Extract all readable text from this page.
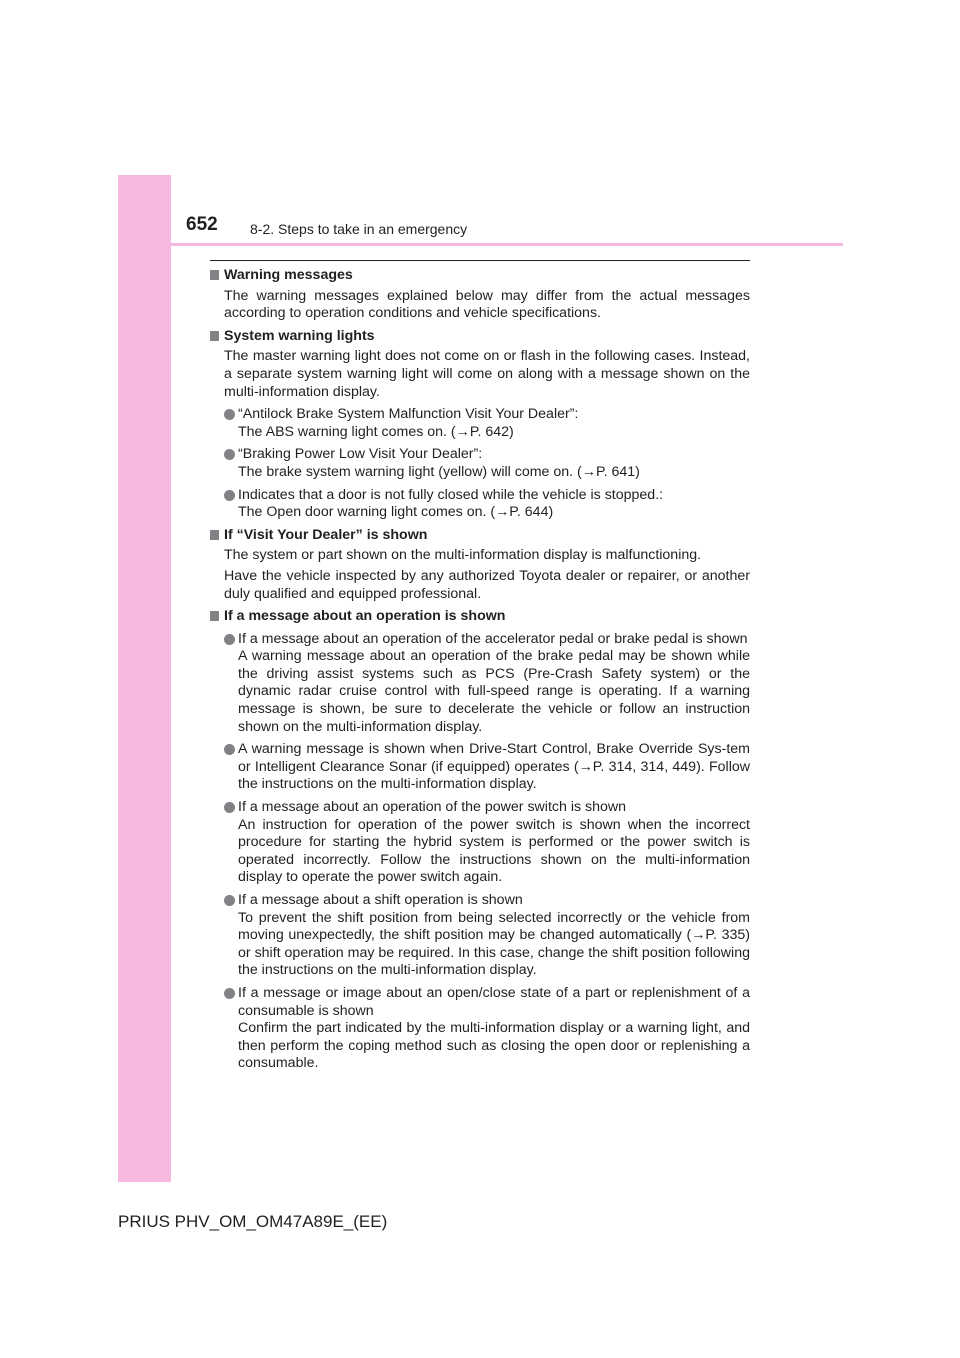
652 8-2. Steps to take in an emergency
Warning messages
The warning messages explained below may differ from the actual messages according to operation conditions and vehicle specifications.
System warning lights
The master warning light does not come on or flash in the following cases. Instead, a separate system warning light will come on along with a message shown on the multi-information display.
“Antilock Brake System Malfunction Visit Your Dealer”:
The ABS warning light comes on. (→P. 642)
“Braking Power Low Visit Your Dealer”:
The brake system warning light (yellow) will come on. (→P. 641)
Indicates that a door is not fully closed while the vehicle is stopped.:
The Open door warning light comes on. (→P. 644)
If “Visit Your Dealer” is shown
The system or part shown on the multi-information display is malfunctioning.
Have the vehicle inspected by any authorized Toyota dealer or repairer, or another duly qualified and equipped professional.
If a message about an operation is shown
If a message about an operation of the accelerator pedal or brake pedal is shown
A warning message about an operation of the brake pedal may be shown while the driving assist systems such as PCS (Pre-Crash Safety system) or the dynamic radar cruise control with full-speed range is operating. If a warning message is shown, be sure to decelerate the vehicle or follow an instruction shown on the multi-information display.
A warning message is shown when Drive-Start Control, Brake Override Sys-tem or Intelligent Clearance Sonar (if equipped) operates (→P. 314, 314, 449). Follow the instructions on the multi-information display.
If a message about an operation of the power switch is shown
An instruction for operation of the power switch is shown when the incorrect procedure for starting the hybrid system is performed or the power switch is operated incorrectly. Follow the instructions shown on the multi-information display to operate the power switch again.
If a message about a shift operation is shown
To prevent the shift position from being selected incorrectly or the vehicle from moving unexpectedly, the shift position may be changed automatically (→P. 335) or shift operation may be required. In this case, change the shift position following the instructions on the multi-information display.
If a message or image about an open/close state of a part or replenishment of a consumable is shown
Confirm the part indicated by the multi-information display or a warning light, and then perform the coping method such as closing the open door or replenishing a consumable.
PRIUS PHV_OM_OM47A89E_(EE)
